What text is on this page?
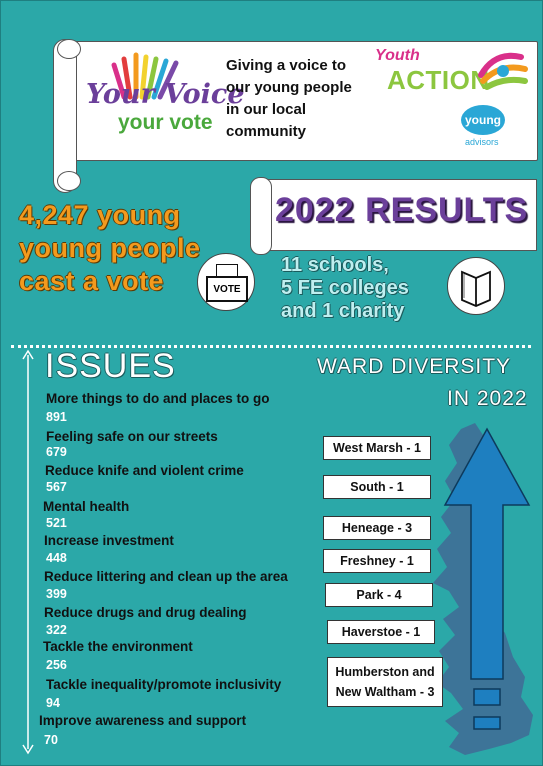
Your Voice
your vote
Giving a voice to
our young people
in our local
community
Youth
ACTION
young
advisors
4,247 young
young people
cast a vote	VOTE
2022 RESULTS
11 schools,
5 FE colleges
and 1 charity
ISSUES
More things to do and places to go
891
Feeling safe on our streets
679
Reduce knife and violent crime
567
Mental health
521
Increase investment
448
Reduce littering and clean up the area
399
Reduce drugs and drug dealing
322
Tackle the environment
256
Tackle inequality/promote inclusivity
94
Improve awareness and support
70
WARD DIVERSITY
IN 2022
West Marsh - 1
South - 1
Heneage - 3
Freshney - 1
Park - 4
Haverstoe - 1
Humberston and
New Waltham - 3
